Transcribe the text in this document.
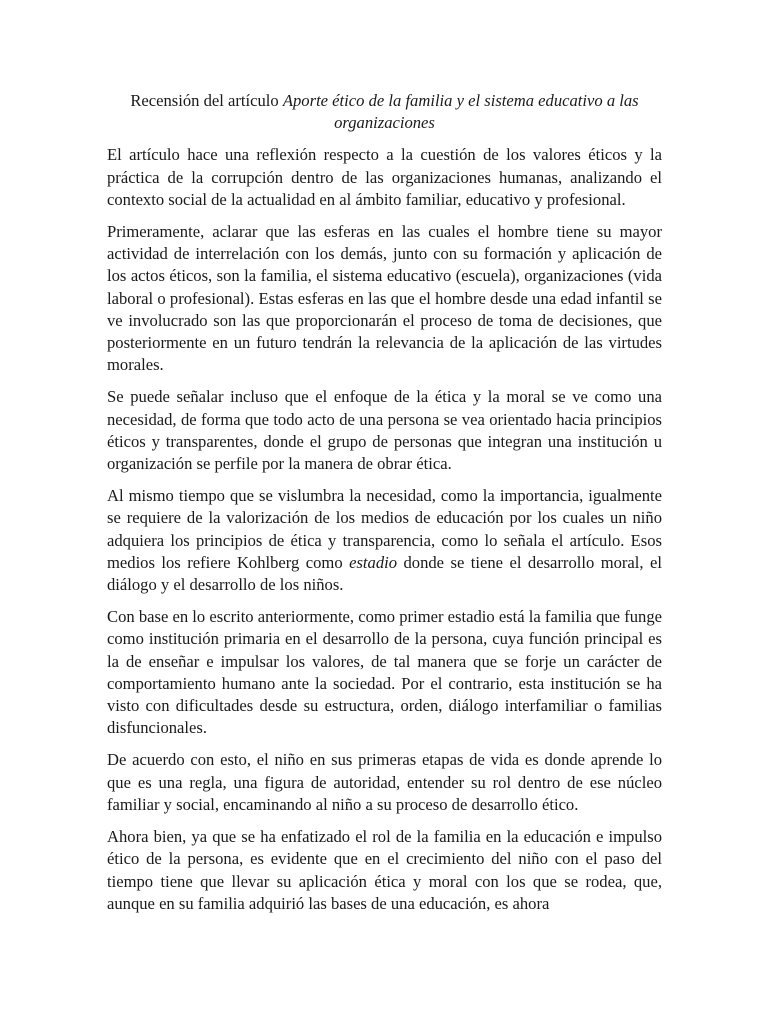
Recensión del artículo Aporte ético de la familia y el sistema educativo a las organizaciones

El artículo hace una reflexión respecto a la cuestión de los valores éticos y la práctica de la corrupción dentro de las organizaciones humanas, analizando el contexto social de la actualidad en al ámbito familiar, educativo y profesional.

Primeramente, aclarar que las esferas en las cuales el hombre tiene su mayor actividad de interrelación con los demás, junto con su formación y aplicación de los actos éticos, son la familia, el sistema educativo (escuela), organizaciones (vida laboral o profesional). Estas esferas en las que el hombre desde una edad infantil se ve involucrado son las que proporcionarán el proceso de toma de decisiones, que posteriormente en un futuro tendrán la relevancia de la aplicación de las virtudes morales.

Se puede señalar incluso que el enfoque de la ética y la moral se ve como una necesidad, de forma que todo acto de una persona se vea orientado hacia principios éticos y transparentes, donde el grupo de personas que integran una institución u organización se perfile por la manera de obrar ética.

Al mismo tiempo que se vislumbra la necesidad, como la importancia, igualmente se requiere de la valorización de los medios de educación por los cuales un niño adquiera los principios de ética y transparencia, como lo señala el artículo. Esos medios los refiere Kohlberg como estadio donde se tiene el desarrollo moral, el diálogo y el desarrollo de los niños.

Con base en lo escrito anteriormente, como primer estadio está la familia que funge como institución primaria en el desarrollo de la persona, cuya función principal es la de enseñar e impulsar los valores, de tal manera que se forje un carácter de comportamiento humano ante la sociedad. Por el contrario, esta institución se ha visto con dificultades desde su estructura, orden, diálogo interfamiliar o familias disfuncionales.

De acuerdo con esto, el niño en sus primeras etapas de vida es donde aprende lo que es una regla, una figura de autoridad, entender su rol dentro de ese núcleo familiar y social, encaminando al niño a su proceso de desarrollo ético.

Ahora bien, ya que se ha enfatizado el rol de la familia en la educación e impulso ético de la persona, es evidente que en el crecimiento del niño con el paso del tiempo tiene que llevar su aplicación ética y moral con los que se rodea, que, aunque en su familia adquirió las bases de una educación, es ahora
